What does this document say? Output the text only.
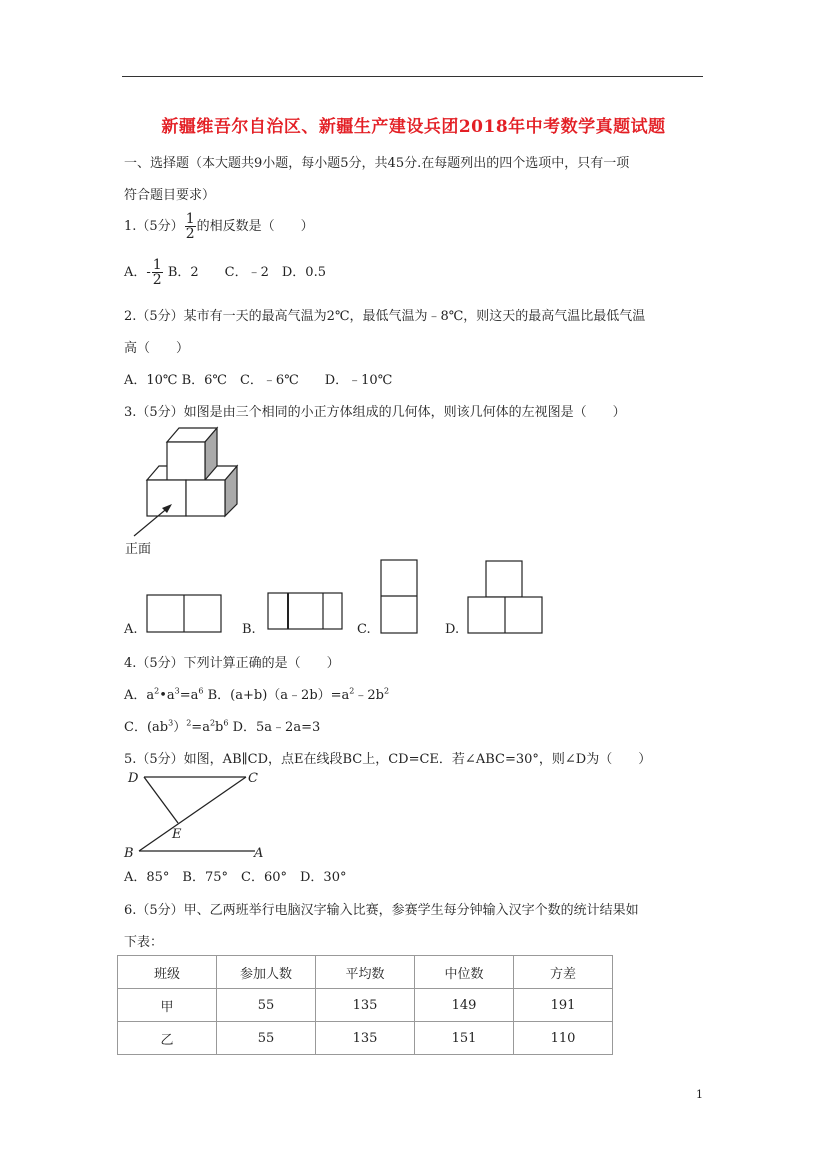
新疆维吾尔自治区、新疆生产建设兵团2018年中考数学真题试题
一、选择题（本大题共9小题，每小题5分，共45分.在每题列出的四个选项中，只有一项
符合题目要求）
1.（5分） $\frac{1}{2}$ 的相反数是（　　）
A．- $\frac{1}{2}$ B．2　　C．﹣2　D．0.5
2.（5分）某市有一天的最高气温为2℃，最低气温为﹣8℃，则这天的最高气温比最低气温
高（　　）
A．10℃ B．6℃　C．﹣6℃　　D．﹣10℃
3.（5分）如图是由三个相同的小正方体组成的几何体，则该几何体的左视图是（　　）
正面
A.	B.	C.	D.
4.（5分）下列计算正确的是（　　）
A．$a^2•a^3=a^6$ B．$(a+b)(a﹣2b)=a^2﹣2b^2$
C．$(ab^3)^2=a^2b^6$ D．5a﹣2a=3
5.（5分）如图，AB∥CD，点E在线段BC上，CD=CE．若∠ABC=30°，则∠D为（　　）
D	C
E
B	A
A．85°　B．75°　C．60°　D．30°
6.（5分）甲、乙两班举行电脑汉字输入比赛，参赛学生每分钟输入汉字个数的统计结果如
下表：
班级	参加人数	平均数	中位数	方差
甲	55	135	149	191
乙	55	135	151	110
1
